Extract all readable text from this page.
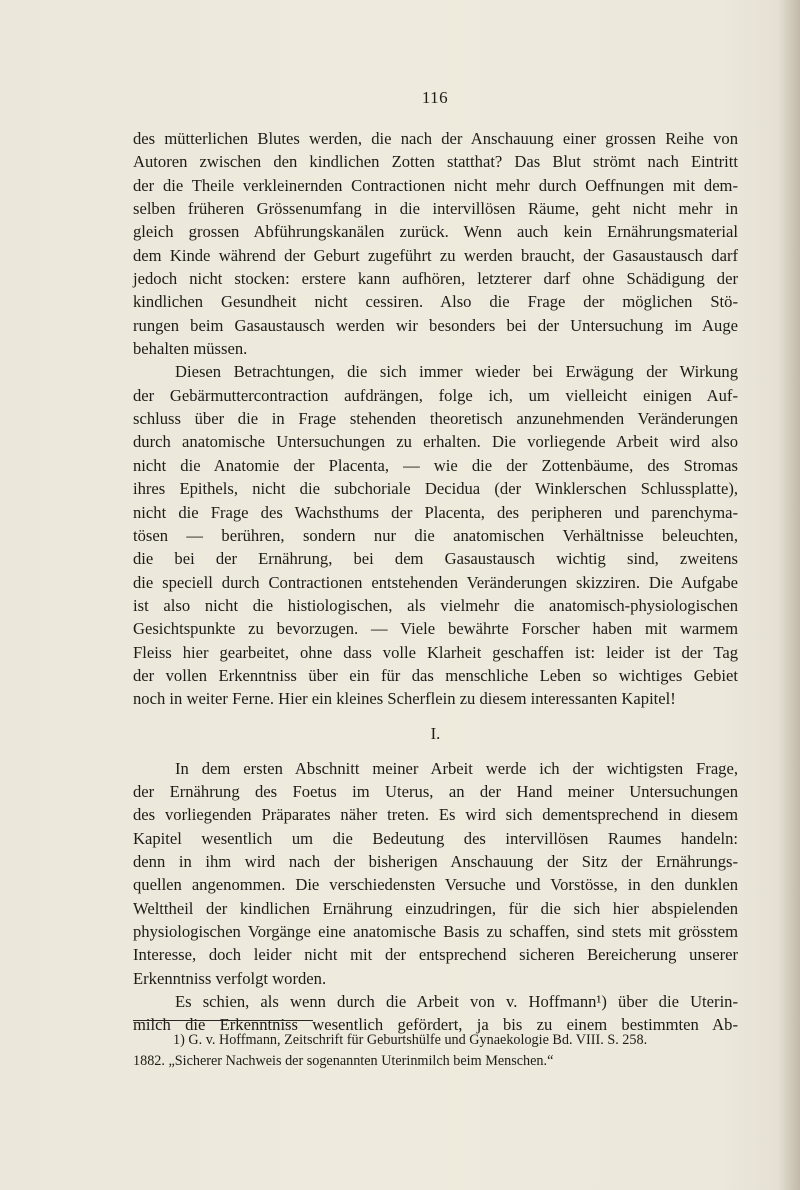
116

des mütterlichen Blutes werden, die nach der Anschauung einer grossen Reihe von
Autoren zwischen den kindlichen Zotten statthat? Das Blut strömt nach Eintritt
der die Theile verkleinernden Contractionen nicht mehr durch Oeffnungen mit dem-
selben früheren Grössenumfang in die intervillösen Räume, geht nicht mehr in
gleich grossen Abführungskanälen zurück. Wenn auch kein Ernährungsmaterial
dem Kinde während der Geburt zugeführt zu werden braucht, der Gasaustausch darf
jedoch nicht stocken: erstere kann aufhören, letzterer darf ohne Schädigung der
kindlichen Gesundheit nicht cessiren. Also die Frage der möglichen Stö-
rungen beim Gasaustausch werden wir besonders bei der Untersuchung im Auge
behalten müssen.

Diesen Betrachtungen, die sich immer wieder bei Erwägung der Wirkung
der Gebärmuttercontraction aufdrängen, folge ich, um vielleicht einigen Auf-
schluss über die in Frage stehenden theoretisch anzunehmenden Veränderungen
durch anatomische Untersuchungen zu erhalten. Die vorliegende Arbeit wird also
nicht die Anatomie der Placenta, — wie die der Zottenbäume, des Stromas
ihres Epithels, nicht die subchoriale Decidua (der Winklerschen Schlussplatte),
nicht die Frage des Wachsthums der Placenta, des peripheren und parenchyma-
tösen — berühren, sondern nur die anatomischen Verhältnisse beleuchten,
die bei der Ernährung, bei dem Gasaustausch wichtig sind, zweitens
die speciell durch Contractionen entstehenden Veränderungen skizziren. Die Aufgabe
ist also nicht die histiologischen, als vielmehr die anatomisch-physiologischen
Gesichtspunkte zu bevorzugen. — Viele bewährte Forscher haben mit warmem
Fleiss hier gearbeitet, ohne dass volle Klarheit geschaffen ist: leider ist der Tag
der vollen Erkenntniss über ein für das menschliche Leben so wichtiges Gebiet
noch in weiter Ferne. Hier ein kleines Scherflein zu diesem interessanten Kapitel!

I.

In dem ersten Abschnitt meiner Arbeit werde ich der wichtigsten Frage,
der Ernährung des Foetus im Uterus, an der Hand meiner Untersuchungen
des vorliegenden Präparates näher treten. Es wird sich dementsprechend in diesem
Kapitel wesentlich um die Bedeutung des intervillösen Raumes handeln:
denn in ihm wird nach der bisherigen Anschauung der Sitz der Ernährungs-
quellen angenommen. Die verschiedensten Versuche und Vorstösse, in den dunklen
Welttheil der kindlichen Ernährung einzudringen, für die sich hier abspielenden
physiologischen Vorgänge eine anatomische Basis zu schaffen, sind stets mit grösstem
Interesse, doch leider nicht mit der entsprechend sicheren Bereicherung unserer
Erkenntniss verfolgt worden.

Es schien, als wenn durch die Arbeit von v. Hoffmann¹) über die Uterin-
milch die Erkenntniss wesentlich gefördert, ja bis zu einem bestimmten Ab-

1) G. v. Hoffmann, Zeitschrift für Geburtshülfe und Gynaekologie Bd. VIII. S. 258.
1882. „Sicherer Nachweis der sogenannten Uterinmilch beim Menschen.“
